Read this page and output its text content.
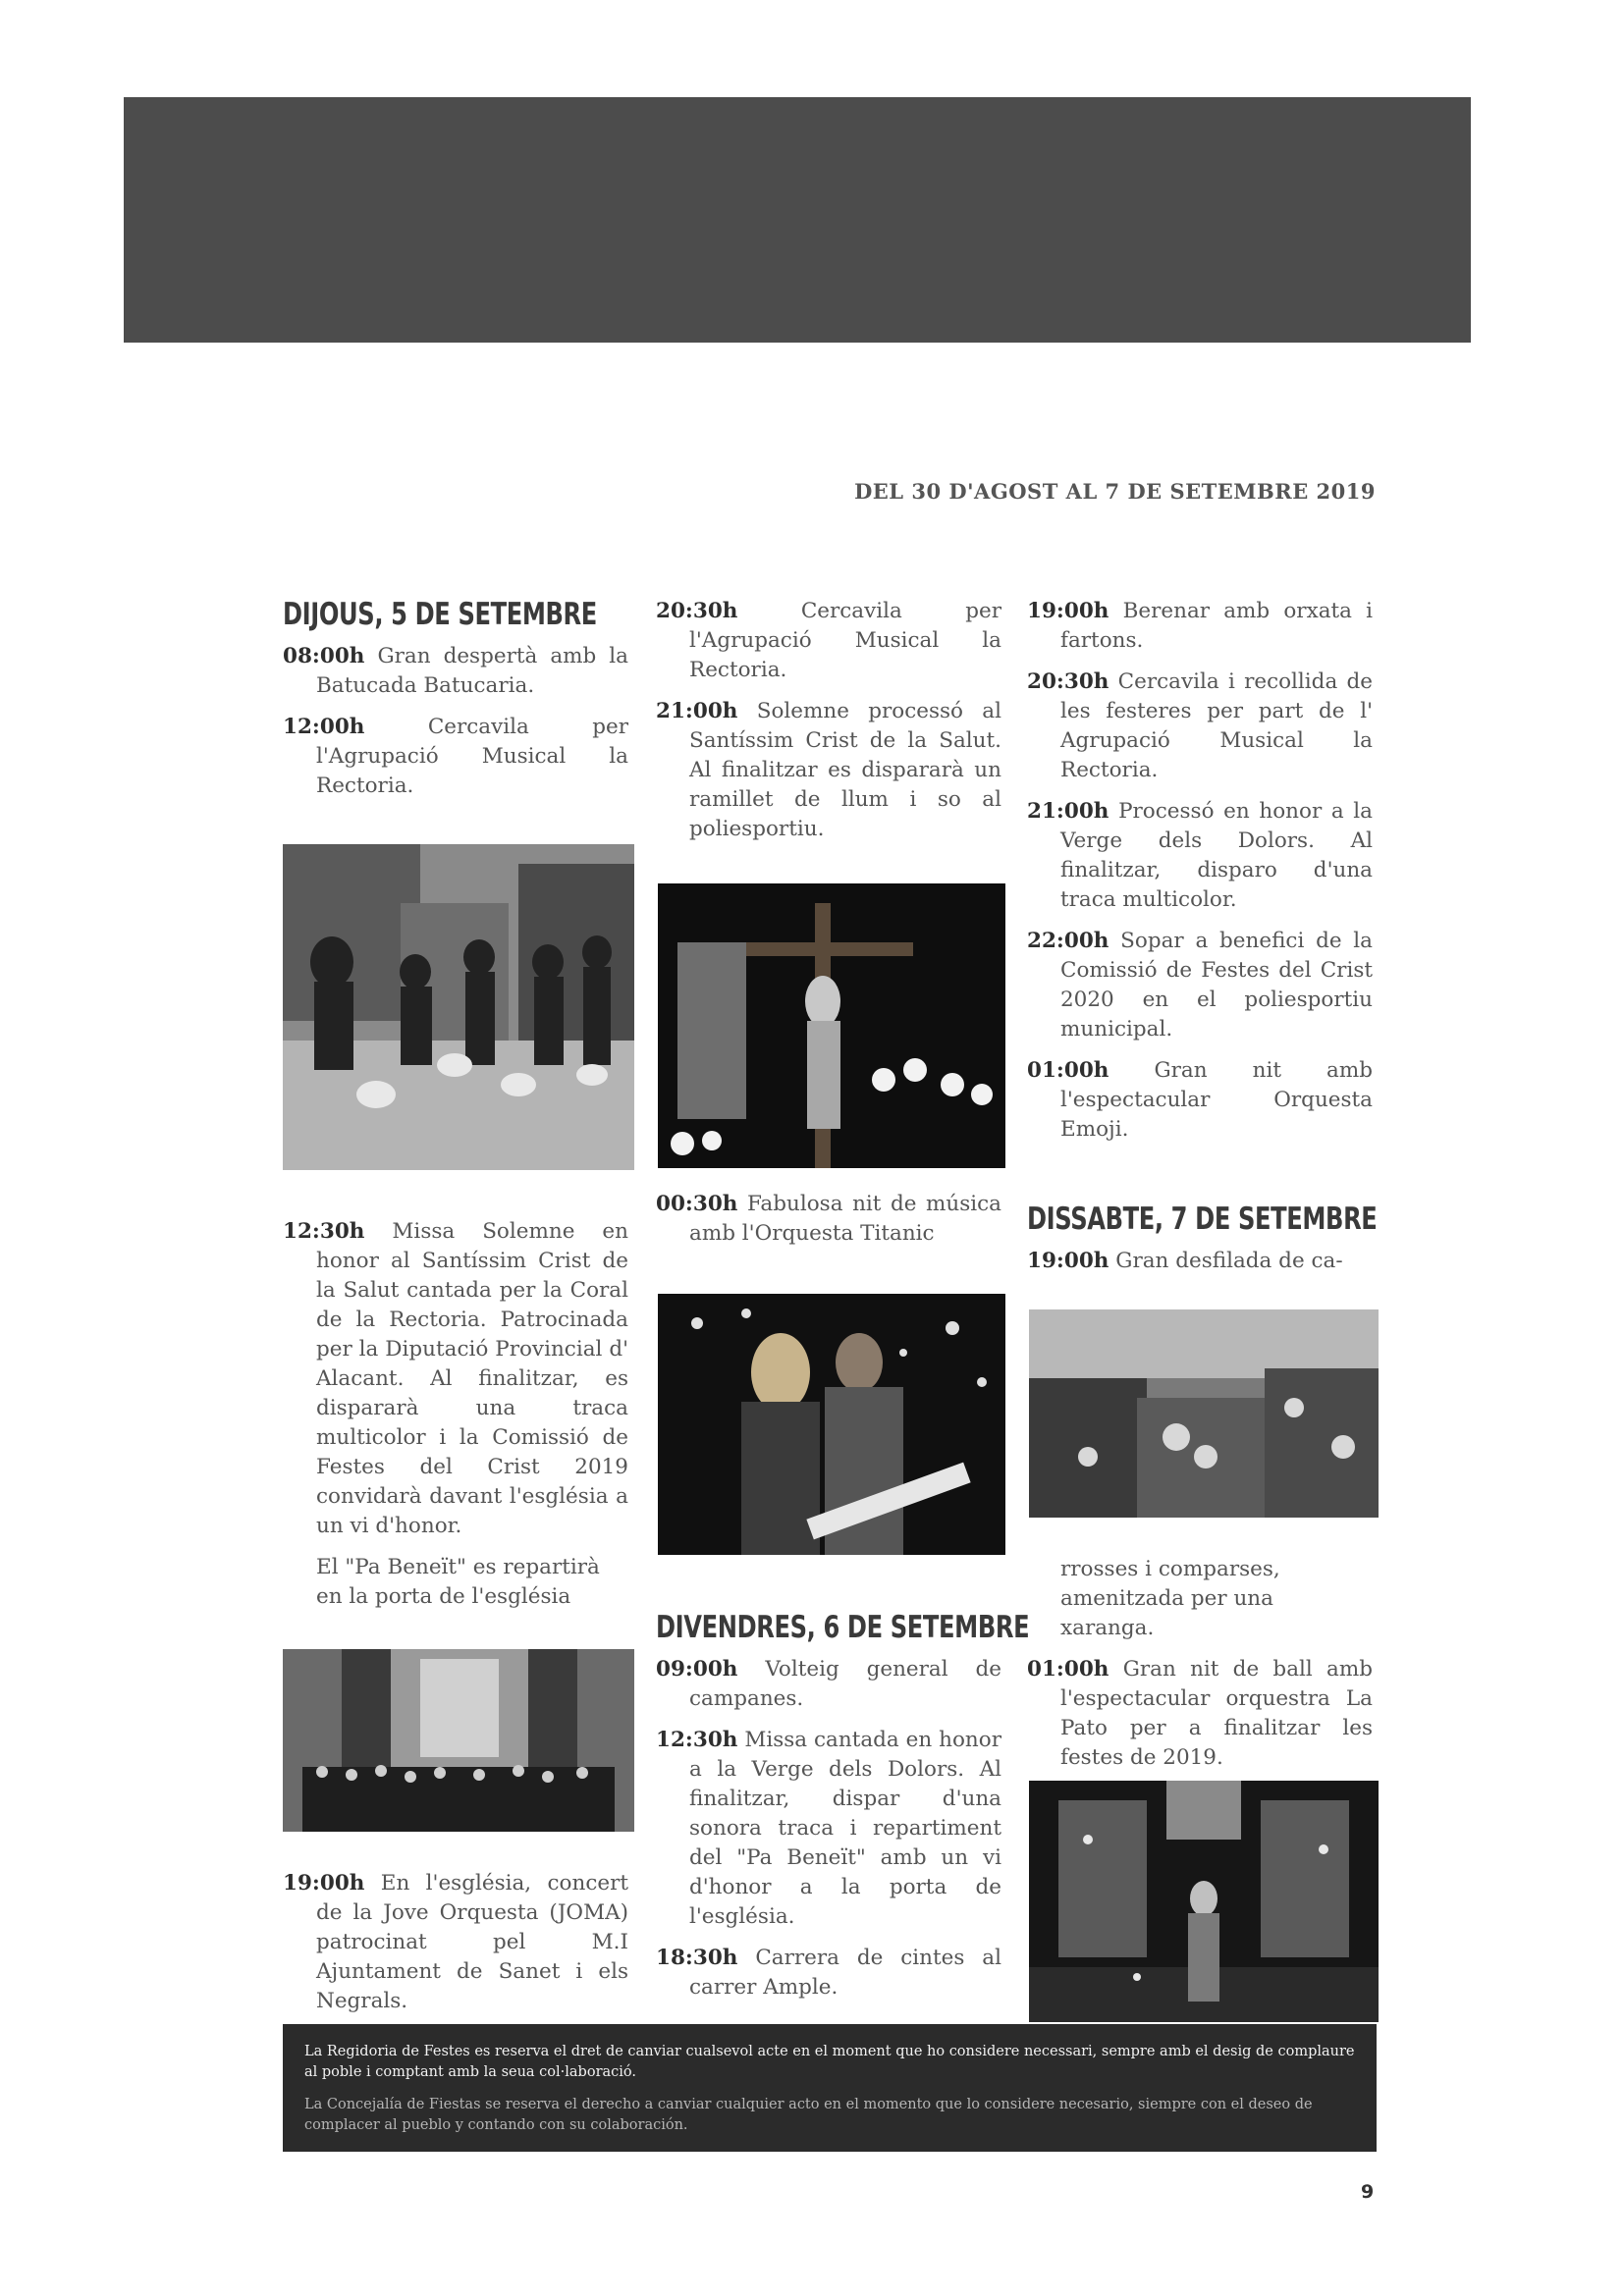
DEL 30 D'AGOST AL 7 DE SETEMBRE 2019
DIJOUS, 5 DE SETEMBRE

08:00h Gran despertà amb la Batucada Batucaria.

12:00h	Cercavila per l'Agrupació Musical la Rectoria.

12:30h Missa Solemne en honor al Santíssim Crist de la Salut cantada per la Coral de la Rectoria. Patrocinada per la Diputació Provincial d' Alacant. Al finalitzar, es dispararà una traca multicolor i la Comissió de Festes del Crist 2019 convidarà davant l'església a un vi d'honor.

El "Pa Beneït" es repartirà en la porta de l'església

19:00h En l'església, concert de la Jove Orquesta (JOMA) patrocinat pel M.I Ajuntament de Sanet i els Negrals.

20:30h	Cercavila per l'Agrupació Musical la Rectoria.

21:00h Solemne processó al Santíssim Crist de la Salut. Al finalitzar es dispararà un ramillet de llum i so al poliesportiu.

00:30h Fabulosa nit de música amb l'Orquesta Titanic

DIVENDRES, 6 DE SETEMBRE

09:00h Volteig general de campanes.

12:30h Missa cantada en honor a la Verge dels Dolors. Al finalitzar, dispar d'una sonora traca i repartiment del "Pa Beneït" amb un vi d'honor a la porta de l'església.

18:30h Carrera de cintes al carrer Ample.

19:00h Berenar amb orxata i fartons.

20:30h Cercavila i recollida de les festeres per part de l' Agrupació Musical la Rectoria.

21:00h Processó en honor a la Verge dels Dolors. Al finalitzar, disparo d'una traca multicolor.

22:00h Sopar a benefici de la Comissió de Festes del Crist 2020 en el poliesportiu municipal.

01:00h Gran nit amb l'espectacular Orquesta Emoji.

DISSABTE, 7 DE SETEMBRE

19:00h Gran desfilada de ca-

rrosses i comparses, amenitzada per una xaranga.

01:00h Gran nit de ball amb l'espectacular orquestra La Pato per a finalitzar les festes de 2019.

La Regidoria de Festes es reserva el dret de canviar cualsevol acte en el moment que ho considere necessari, sempre amb el desig de complaure al poble i comptant amb la seua col·laboració.

La Concejalía de Fiestas se reserva el derecho a canviar cualquier acto en el momento que lo considere necesario, siempre con el deseo de complacer al pueblo y contando con su colaboración.

9
